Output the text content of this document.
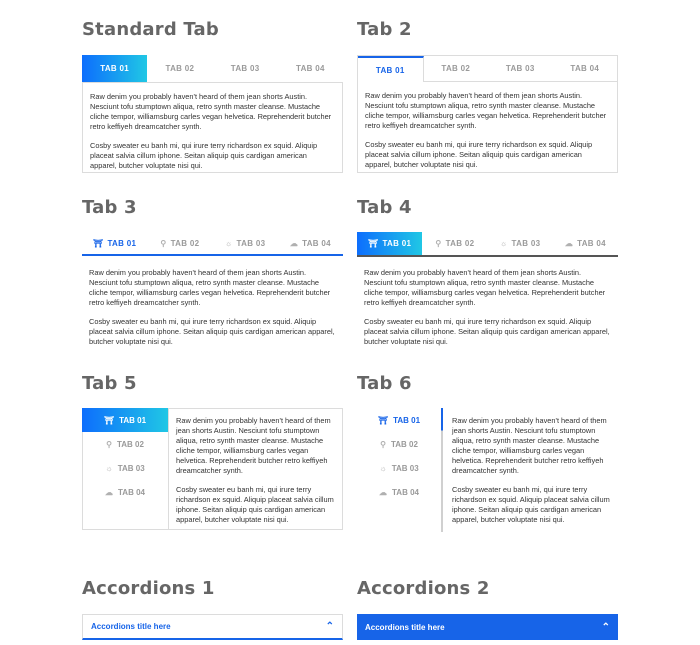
Standard Tab
TAB 01	TAB 02	TAB 03	TAB 04

Raw denim you probably haven't heard of them jean shorts Austin. Nesciunt tofu stumptown aliqua, retro synth master cleanse. Mustache cliche tempor, williamsburg carles vegan helvetica. Reprehenderit butcher retro keffiyeh dreamcatcher synth.

Cosby sweater eu banh mi, qui irure terry richardson ex squid. Aliquip placeat salvia cillum iphone. Seitan aliquip quis cardigan american apparel, butcher voluptate nisi qui.

Tab 2
TAB 01	TAB 02	TAB 03	TAB 04

Raw denim you probably haven't heard of them jean shorts Austin. Nesciunt tofu stumptown aliqua, retro synth master cleanse. Mustache cliche tempor, williamsburg carles vegan helvetica. Reprehenderit butcher retro keffiyeh dreamcatcher synth.

Cosby sweater eu banh mi, qui irure terry richardson ex squid. Aliquip placeat salvia cillum iphone. Seitan aliquip quis cardigan american apparel, butcher voluptate nisi qui.

Tab 3
⛩ TAB 01	⚲ TAB 02	☼ TAB 03	☁ TAB 04

Raw denim you probably haven't heard of them jean shorts Austin. Nesciunt tofu stumptown aliqua, retro synth master cleanse. Mustache cliche tempor, williamsburg carles vegan helvetica. Reprehenderit butcher retro keffiyeh dreamcatcher synth.

Cosby sweater eu banh mi, qui irure terry richardson ex squid. Aliquip placeat salvia cillum iphone. Seitan aliquip quis cardigan american apparel, butcher voluptate nisi qui.

Tab 4
⛩ TAB 01	⚲ TAB 02	☼ TAB 03	☁ TAB 04

Raw denim you probably haven't heard of them jean shorts Austin. Nesciunt tofu stumptown aliqua, retro synth master cleanse. Mustache cliche tempor, williamsburg carles vegan helvetica. Reprehenderit butcher retro keffiyeh dreamcatcher synth.

Cosby sweater eu banh mi, qui irure terry richardson ex squid. Aliquip placeat salvia cillum iphone. Seitan aliquip quis cardigan american apparel, butcher voluptate nisi qui.

Tab 5
⛩ TAB 01
⚲ TAB 02
☼ TAB 03
☁ TAB 04

Raw denim you probably haven't heard of them jean shorts Austin. Nesciunt tofu stumptown aliqua, retro synth master cleanse. Mustache cliche tempor, williamsburg carles vegan helvetica. Reprehenderit butcher retro keffiyeh dreamcatcher synth.

Cosby sweater eu banh mi, qui irure terry richardson ex squid. Aliquip placeat salvia cillum iphone. Seitan aliquip quis cardigan american apparel, butcher voluptate nisi qui.

Tab 6
⛩ TAB 01
⚲ TAB 02
☼ TAB 03
☁ TAB 04

Raw denim you probably haven't heard of them jean shorts Austin. Nesciunt tofu stumptown aliqua, retro synth master cleanse. Mustache cliche tempor, williamsburg carles vegan helvetica. Reprehenderit butcher retro keffiyeh dreamcatcher synth.

Cosby sweater eu banh mi, qui irure terry richardson ex squid. Aliquip placeat salvia cillum iphone. Seitan aliquip quis cardigan american apparel, butcher voluptate nisi qui.

Accordions 1
Accordions title here	⌃
Accordions 2
Accordions title here	⌃
